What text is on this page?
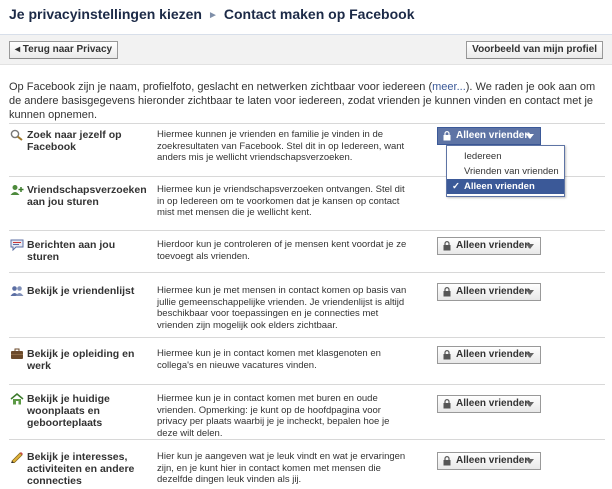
Je privacyinstellingen kiezen ► Contact maken op Facebook
◂ Terug naar Privacy	Voorbeeld van mijn profiel
Op Facebook zijn je naam, profielfoto, geslacht en netwerken zichtbaar voor iedereen (meer...). We raden je ook aan om de andere basisgegevens hieronder zichtbaar te laten voor iedereen, zodat vrienden je kunnen vinden en contact met je kunnen opnemen.
Zoek naar jezelf op Facebook
Hiermee kunnen je vrienden en familie je vinden in de zoekresultaten van Facebook. Stel dit in op Iedereen, want anders mis je wellicht vriendschapsverzoeken.
Alleen vrienden
Vriendschapsverzoeken aan jou sturen
Hiermee kun je vriendschapsverzoeken ontvangen. Stel dit in op Iedereen om te voorkomen dat je kansen op contact mist met mensen die je wellicht kent.
Berichten aan jou sturen
Hierdoor kun je controleren of je mensen kent voordat je ze toevoegt als vrienden.
Alleen vrienden
Bekijk je vriendenlijst	Hiermee kun je met mensen in contact komen op basis van jullie gemeenschappelijke vrienden. Je vriendenlijst is altijd beschikbaar voor toepassingen en je connecties met vrienden zijn mogelijk ook elders zichtbaar.
Alleen vrienden
Bekijk je opleiding en werk
Hiermee kun je in contact komen met klasgenoten en collega's en nieuwe vacatures vinden.
Alleen vrienden
Bekijk je huidige woonplaats en geboorteplaats
Hiermee kun je in contact komen met buren en oude vrienden. Opmerking: je kunt op de hoofdpagina voor privacy per plaats waarbij je je incheckt, bepalen hoe je deze wilt delen.
Alleen vrienden
Bekijk je interesses, activiteiten en andere connecties
Hier kun je aangeven wat je leuk vindt en wat je ervaringen zijn, en je kunt hier in contact komen met mensen die dezelfde dingen leuk vinden als jij.
Alleen vrienden
Iedereen
Vrienden van vrienden
✓ Alleen vrienden
